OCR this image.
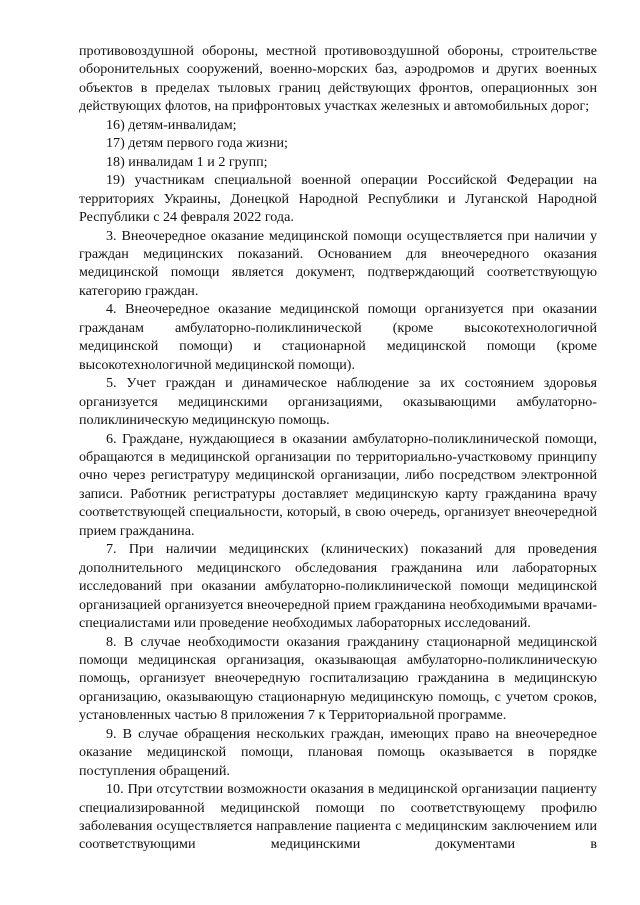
противовоздушной обороны, местной противовоздушной обороны, строительстве оборонительных сооружений, военно-морских баз, аэродромов и других военных объектов в пределах тыловых границ действующих фронтов, операционных зон действующих флотов, на прифронтовых участках железных и автомобильных дорог;

16) детям-инвалидам;

17) детям первого года жизни;

18) инвалидам 1 и 2 групп;

19) участникам специальной военной операции Российской Федерации на территориях Украины, Донецкой Народной Республики и Луганской Народной Республики с 24 февраля 2022 года.

3. Внеочередное оказание медицинской помощи осуществляется при наличии у граждан медицинских показаний. Основанием для внеочередного оказания медицинской помощи является документ, подтверждающий соответствующую категорию граждан.

4. Внеочередное оказание медицинской помощи организуется при оказании гражданам амбулаторно-поликлинической (кроме высокотехнологичной медицинской помощи) и стационарной медицинской помощи (кроме высокотехнологичной медицинской помощи).

5. Учет граждан и динамическое наблюдение за их состоянием здоровья организуется медицинскими организациями, оказывающими амбулаторно-поликлиническую медицинскую помощь.

6. Граждане, нуждающиеся в оказании амбулаторно-поликлинической помощи, обращаются в медицинской организации по территориально-участковому принципу очно через регистратуру медицинской организации, либо посредством электронной записи. Работник регистратуры доставляет медицинскую карту гражданина врачу соответствующей специальности, который, в свою очередь, организует внеочередной прием гражданина.

7. При наличии медицинских (клинических) показаний для проведения дополнительного медицинского обследования гражданина или лабораторных исследований при оказании амбулаторно-поликлинической помощи медицинской организацией организуется внеочередной прием гражданина необходимыми врачами-специалистами или проведение необходимых лабораторных исследований.

8. В случае необходимости оказания гражданину стационарной медицинской помощи медицинская организация, оказывающая амбулаторно-поликлиническую помощь, организует внеочередную госпитализацию гражданина в медицинскую организацию, оказывающую стационарную медицинскую помощь, с учетом сроков, установленных частью 8 приложения 7 к Территориальной программе.

9. В случае обращения нескольких граждан, имеющих право на внеочередное оказание медицинской помощи, плановая помощь оказывается в порядке поступления обращений.

10. При отсутствии возможности оказания в медицинской организации пациенту специализированной медицинской помощи по соответствующему профилю заболевания осуществляется направление пациента с медицинским заключением или соответствующими медицинскими документами в
